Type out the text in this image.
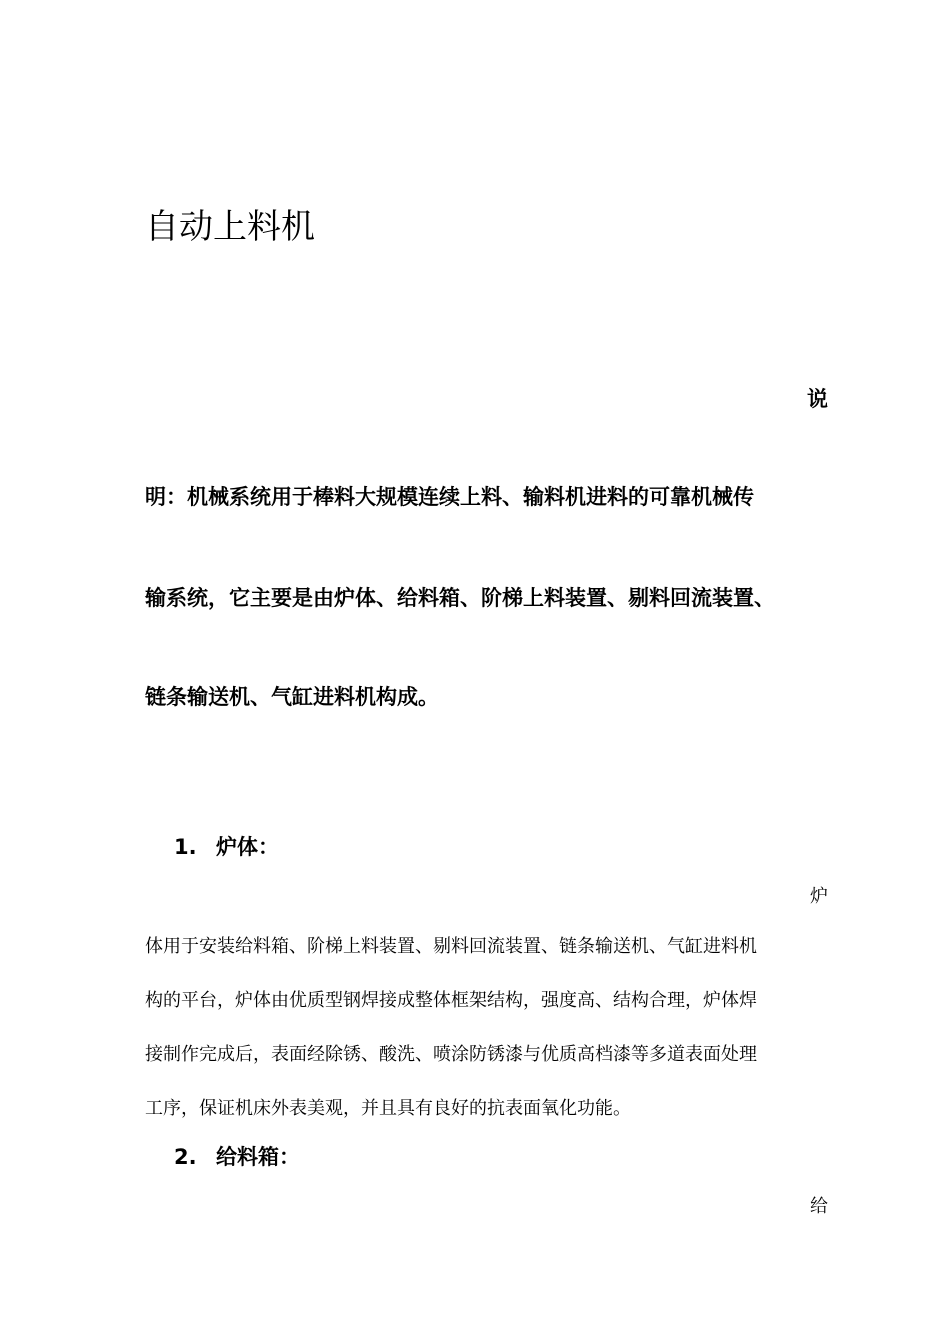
自动上料机
说

明：机械系统用于棒料大规模连续上料、输料机进料的可靠机械传

输系统，它主要是由炉体、给料箱、阶梯上料装置、剔料回流装置、

链条输送机、气缸进料机构成。

1. 炉体：
炉

体用于安装给料箱、阶梯上料装置、剔料回流装置、链条输送机、气缸进料机

构的平台，炉体由优质型钢焊接成整体框架结构，强度高、结构合理，炉体焊

接制作完成后，表面经除锈、酸洗、喷涂防锈漆与优质高档漆等多道表面处理

工序，保证机床外表美观，并且具有良好的抗表面氧化功能。

2. 给料箱：
给
